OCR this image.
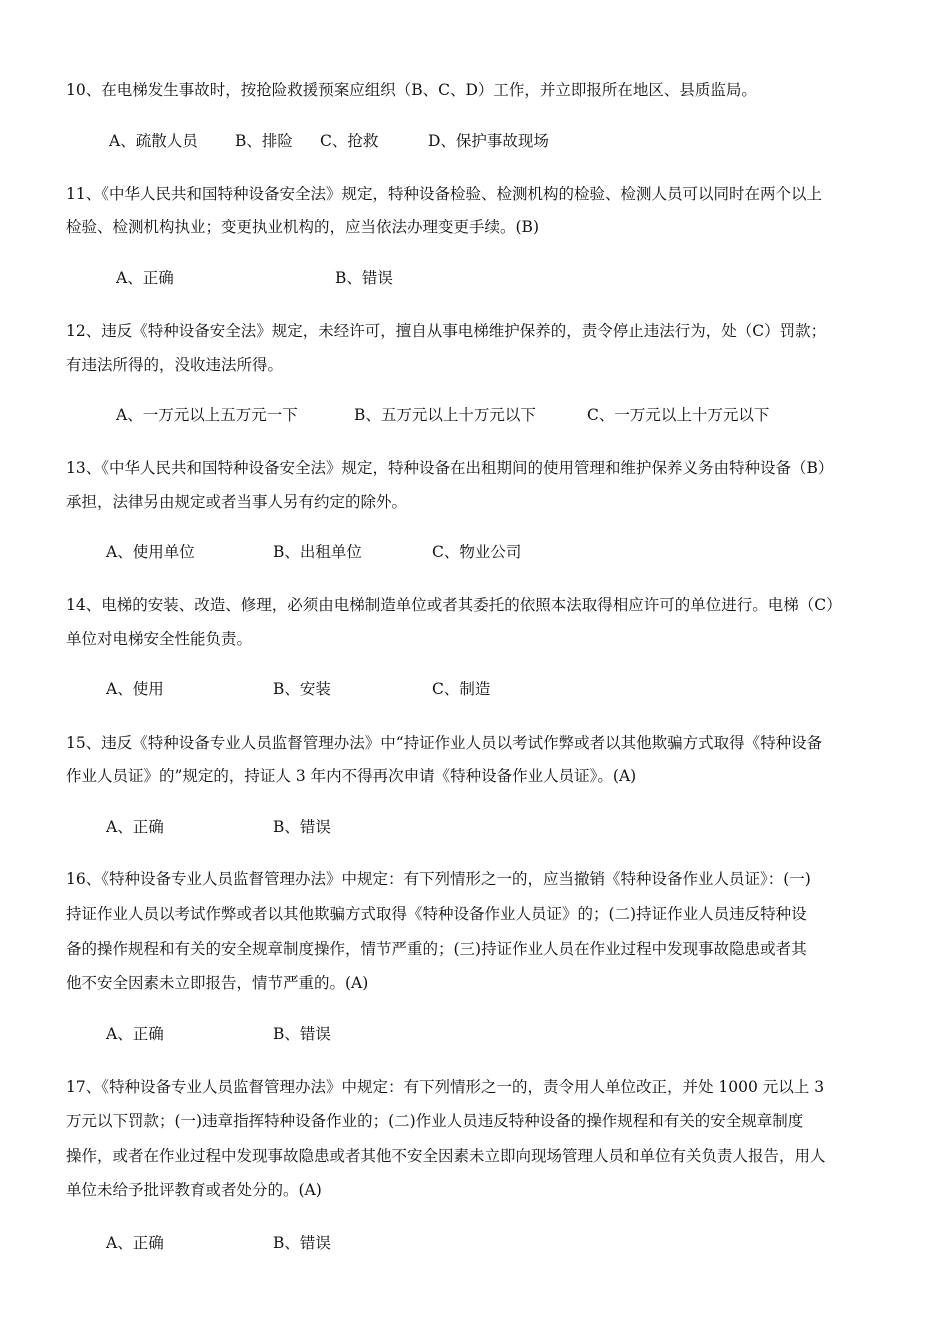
10、在电梯发生事故时，按抢险救援预案应组织（B、C、D）工作，并立即报所在地区、县质监局。
A、疏散人员 B、排险 C、抢救	D、保护事故现场
11、《中华人民共和国特种设备安全法》规定，特种设备检验、检测机构的检验、检测人员可以同时在两个以上
检验、检测机构执业；变更执业机构的，应当依法办理变更手续。(B)
A、正确	B、错误
12、违反《特种设备安全法》规定，未经许可，擅自从事电梯维护保养的，责令停止违法行为，处（C）罚款；
有违法所得的，没收违法所得。
A、一万元以上五万元一下	B、五万元以上十万元以下	C、一万元以上十万元以下
13、《中华人民共和国特种设备安全法》规定，特种设备在出租期间的使用管理和维护保养义务由特种设备（B）
承担，法律另由规定或者当事人另有约定的除外。
A、使用单位	B、出租单位	C、物业公司
14、电梯的安装、改造、修理，必须由电梯制造单位或者其委托的依照本法取得相应许可的单位进行。电梯（C）
单位对电梯安全性能负责。
A、使用	B、安装	C、制造
15、违反《特种设备专业人员监督管理办法》中“持证作业人员以考试作弊或者以其他欺骗方式取得《特种设备
作业人员证》的”规定的，持证人 3 年内不得再次申请《特种设备作业人员证》。(A)
A、正确	B、错误
16、《特种设备专业人员监督管理办法》中规定：有下列情形之一的，应当撤销《特种设备作业人员证》：(一)
持证作业人员以考试作弊或者以其他欺骗方式取得《特种设备作业人员证》的；(二)持证作业人员违反特种设
备的操作规程和有关的安全规章制度操作，情节严重的；(三)持证作业人员在作业过程中发现事故隐患或者其
他不安全因素未立即报告，情节严重的。(A)
A、正确	B、错误
17、《特种设备专业人员监督管理办法》中规定：有下列情形之一的，责令用人单位改正，并处 1000 元以上 3
万元以下罚款；(一)违章指挥特种设备作业的；(二)作业人员违反特种设备的操作规程和有关的安全规章制度
操作，或者在作业过程中发现事故隐患或者其他不安全因素未立即向现场管理人员和单位有关负责人报告，用人
单位未给予批评教育或者处分的。(A)
A、正确	B、错误
